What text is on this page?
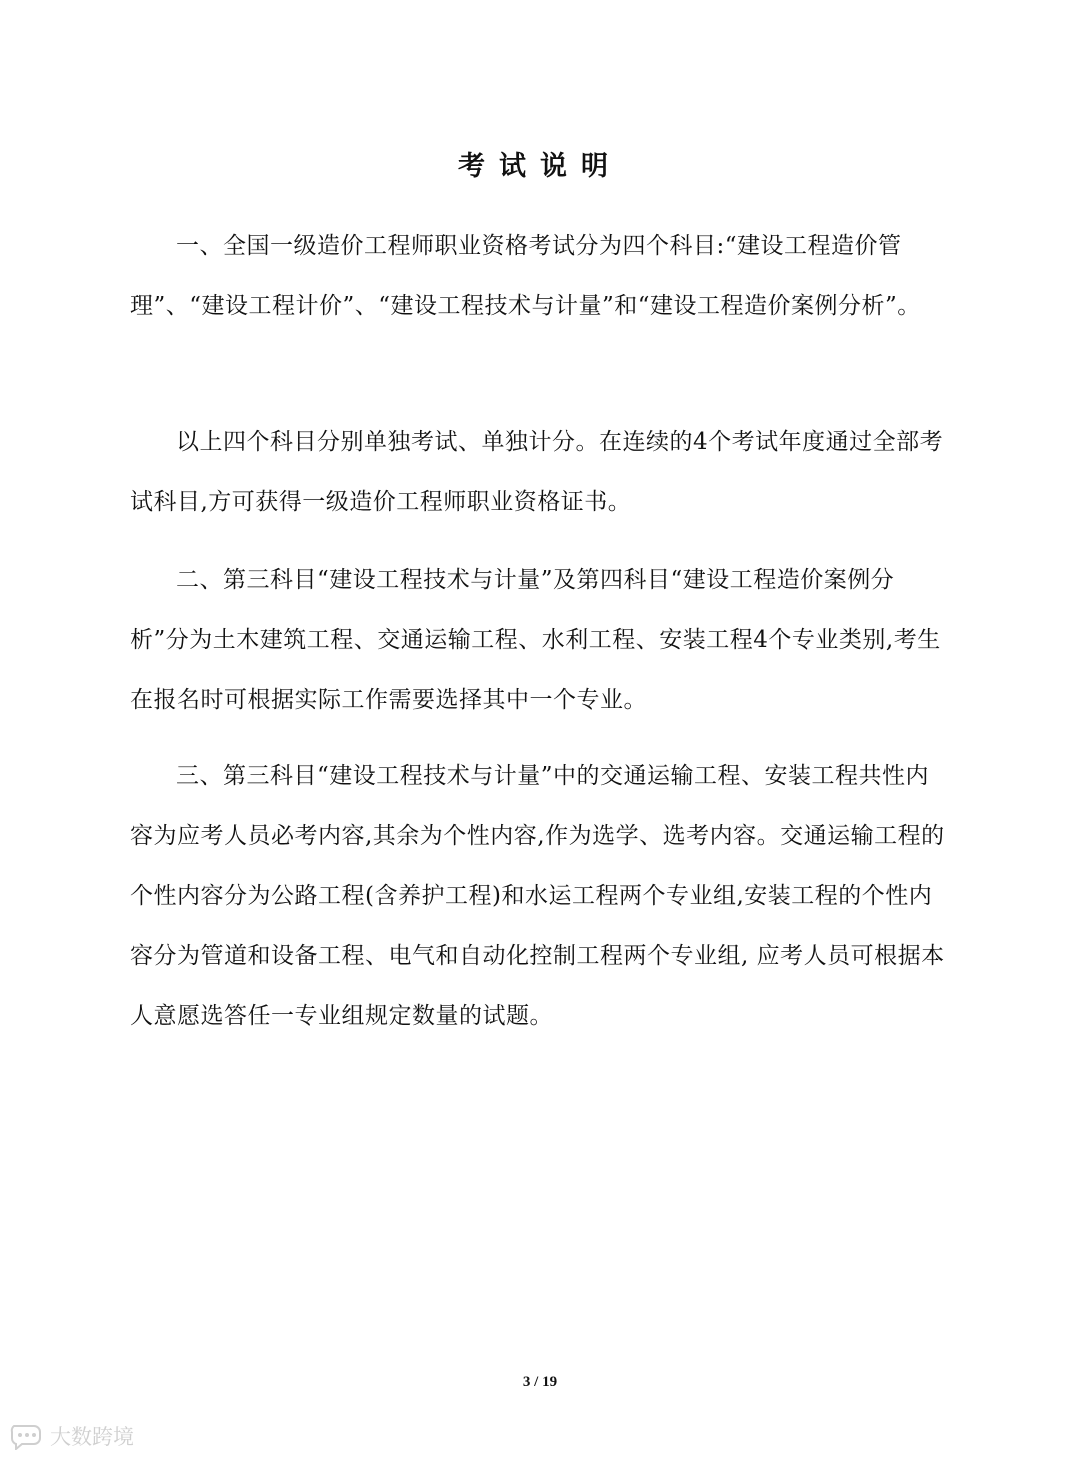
考试说明

一、全国一级造价工程师职业资格考试分为四个科目:“建设工程造价管理”、“建设工程计价”、“建设工程技术与计量”和“建设工程造价案例分析”。

以上四个科目分别单独考试、单独计分。在连续的4个考试年度通过全部考试科目,方可获得一级造价工程师职业资格证书。

二、第三科目“建设工程技术与计量”及第四科目“建设工程造价案例分析”分为土木建筑工程、交通运输工程、水利工程、安装工程4个专业类别,考生在报名时可根据实际工作需要选择其中一个专业。

三、第三科目“建设工程技术与计量”中的交通运输工程、安装工程共性内容为应考人员必考内容,其余为个性内容,作为选学、选考内容。交通运输工程的个性内容分为公路工程(含养护工程)和水运工程两个专业组,安装工程的个性内容分为管道和设备工程、电气和自动化控制工程两个专业组, 应考人员可根据本人意愿选答任一专业组规定数量的试题。

3 / 19
大数跨境
